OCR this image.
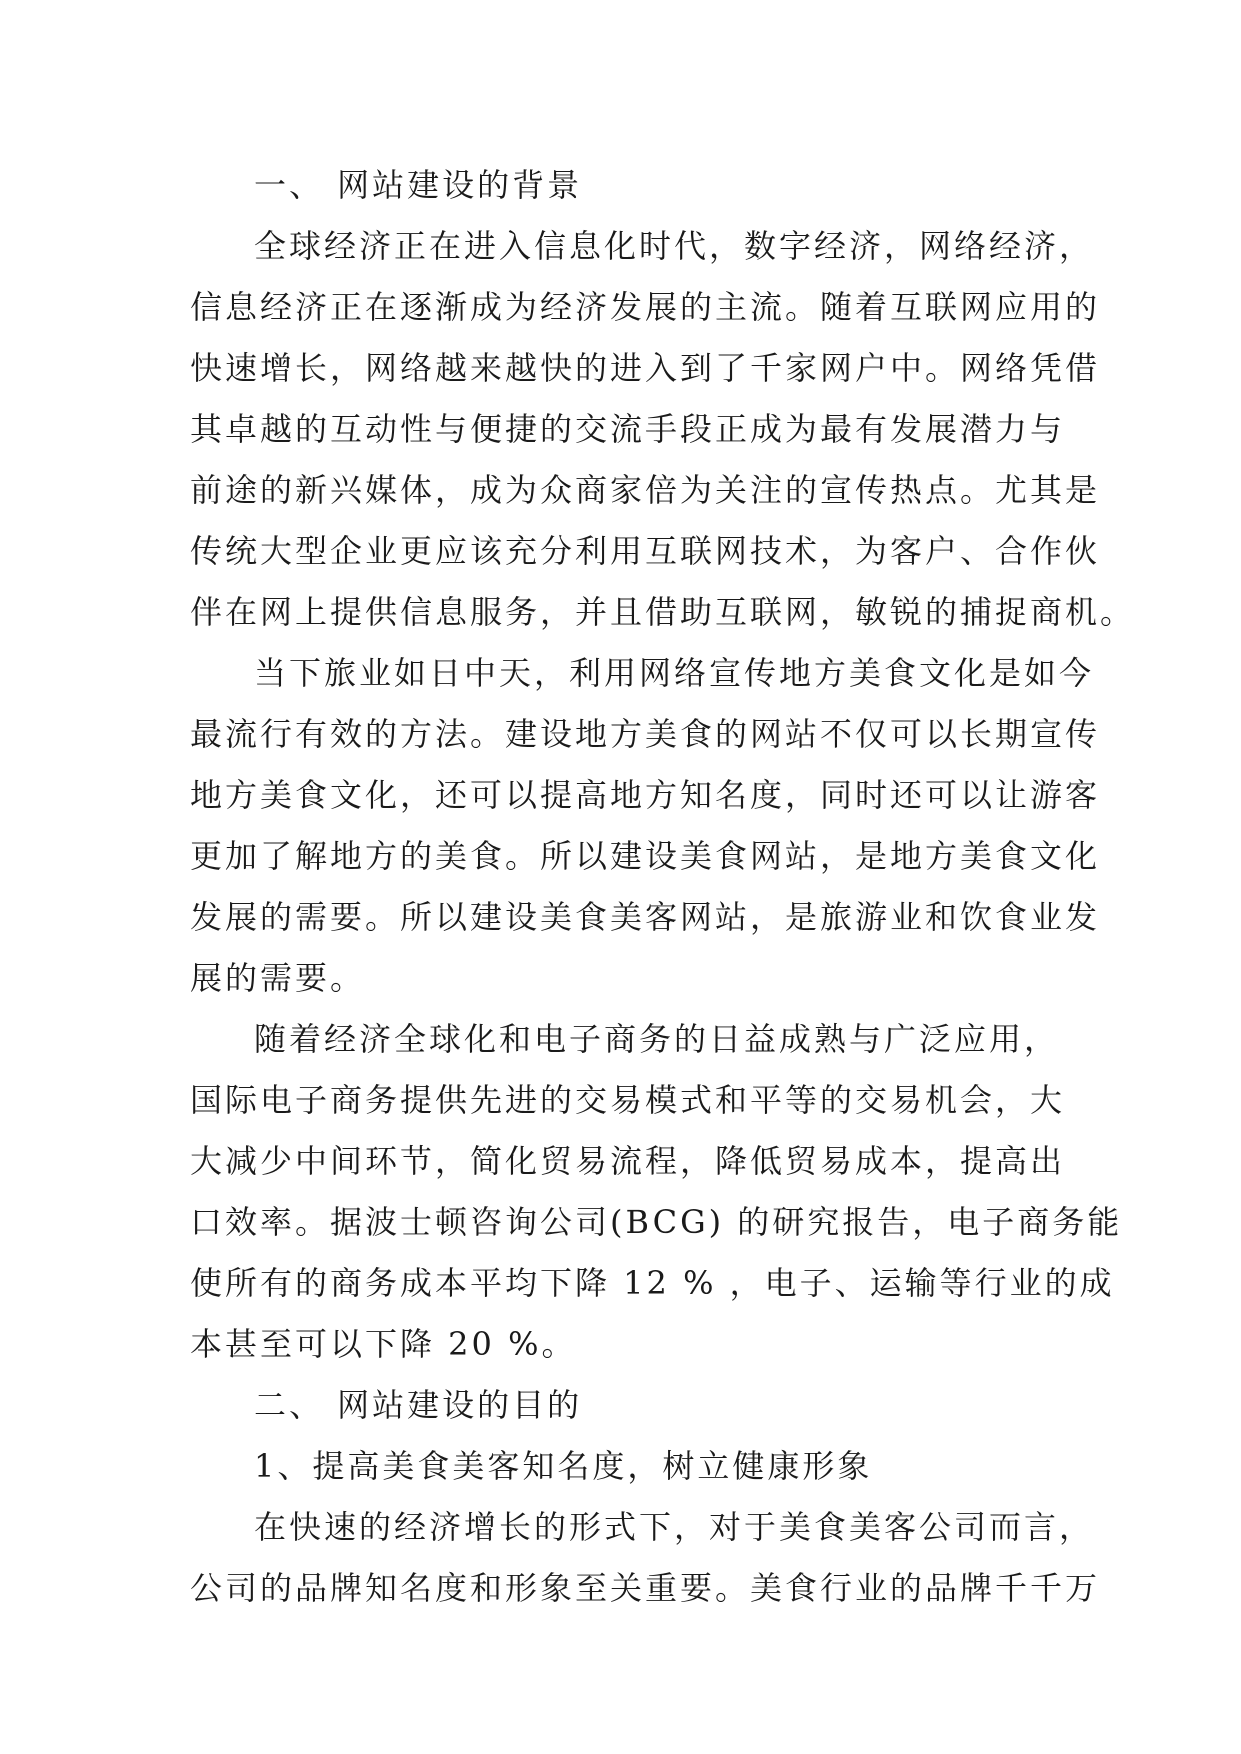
一、 网站建设的背景
全球经济正在进入信息化时代，数字经济，网络经济，
信息经济正在逐渐成为经济发展的主流。随着互联网应用的
快速增长，网络越来越快的进入到了千家网户中。网络凭借
其卓越的互动性与便捷的交流手段正成为最有发展潜力与
前途的新兴媒体，成为众商家倍为关注的宣传热点。尤其是
传统大型企业更应该充分利用互联网技术，为客户、合作伙
伴在网上提供信息服务，并且借助互联网，敏锐的捕捉商机。
当下旅业如日中天，利用网络宣传地方美食文化是如今
最流行有效的方法。建设地方美食的网站不仅可以长期宣传
地方美食文化，还可以提高地方知名度，同时还可以让游客
更加了解地方的美食。所以建设美食网站，是地方美食文化
发展的需要。所以建设美食美客网站，是旅游业和饮食业发
展的需要。
随着经济全球化和电子商务的日益成熟与广泛应用，
国际电子商务提供先进的交易模式和平等的交易机会，大
大减少中间环节，简化贸易流程，降低贸易成本，提高出
口效率。据波士顿咨询公司(BCG) 的研究报告，电子商务能
使所有的商务成本平均下降 12 % ，电子、运输等行业的成
本甚至可以下降 20 %。
二、 网站建设的目的
1、提高美食美客知名度，树立健康形象
在快速的经济增长的形式下，对于美食美客公司而言，
公司的品牌知名度和形象至关重要。美食行业的品牌千千万
